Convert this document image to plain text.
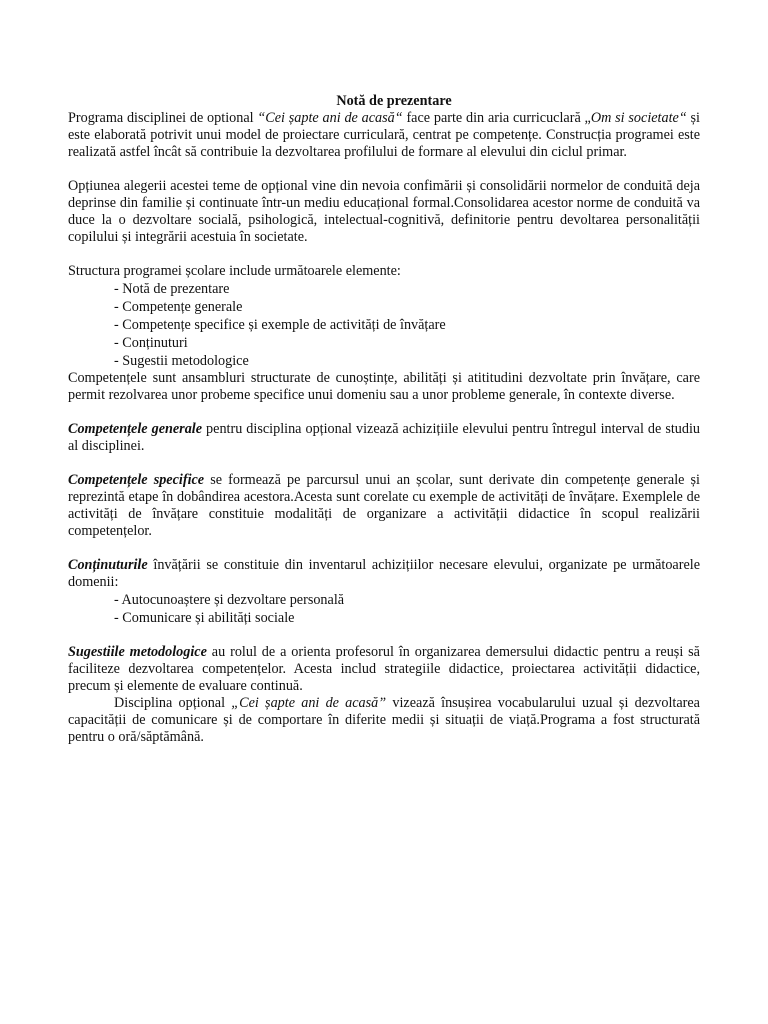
Notă de prezentare

Programa disciplinei de optional “Cei șapte ani de acasă“ face parte din aria curricuclară „Om si societate“ și este elaborată potrivit unui model de proiectare curriculară, centrat pe competențe. Construcția programei este realizată astfel încât să contribuie la dezvoltarea profilului de formare al elevului din ciclul primar.

Opțiunea alegerii acestei teme de opțional vine din nevoia confimării și consolidării normelor de conduită deja deprinse din familie și continuate într-un mediu educațional formal.Consolidarea acestor norme de conduită va duce la o dezvoltare socială, psihologică, intelectual-cognitivă, definitorie pentru devoltarea personalității copilului și integrării acestuia în societate.

Structura programei școlare include următoarele elemente:

- Notă de prezentare
- Competențe generale
- Competențe specifice și exemple de activități de învățare
- Conținuturi
- Sugestii metodologice

Competențele sunt ansambluri structurate de cunoștințe, abilități și atititudini dezvoltate prin învățare, care permit rezolvarea unor probeme specifice unui domeniu sau a unor probleme generale, în contexte diverse.

Competențele generale pentru disciplina opțional vizează achizițiile elevului pentru întregul interval de studiu al disciplinei.

Competențele specifice se formează pe parcursul unui an școlar, sunt derivate din competențe generale și reprezintă etape în dobândirea acestora.Acesta sunt corelate cu exemple de activități de învățare. Exemplele de activități de învățare constituie modalități de organizare a activității didactice în scopul realizării competențelor.

Conținuturile învățării se constituie din inventarul achizițiilor necesare elevului, organizate pe următoarele domenii:

- Autocunoaștere și dezvoltare personală
- Comunicare și abilități sociale

Sugestiile metodologice au rolul de a orienta profesorul în organizarea demersului didactic pentru a reuși să faciliteze dezvoltarea competențelor. Acesta includ strategiile didactice, proiectarea activității didactice, precum și elemente de evaluare continuă.

Disciplina opțional „Cei șapte ani de acasă” vizează însușirea vocabularului uzual și dezvoltarea capacității de comunicare și de comportare în diferite medii și situații de viață.Programa a fost structurată pentru o oră/săptămână.
